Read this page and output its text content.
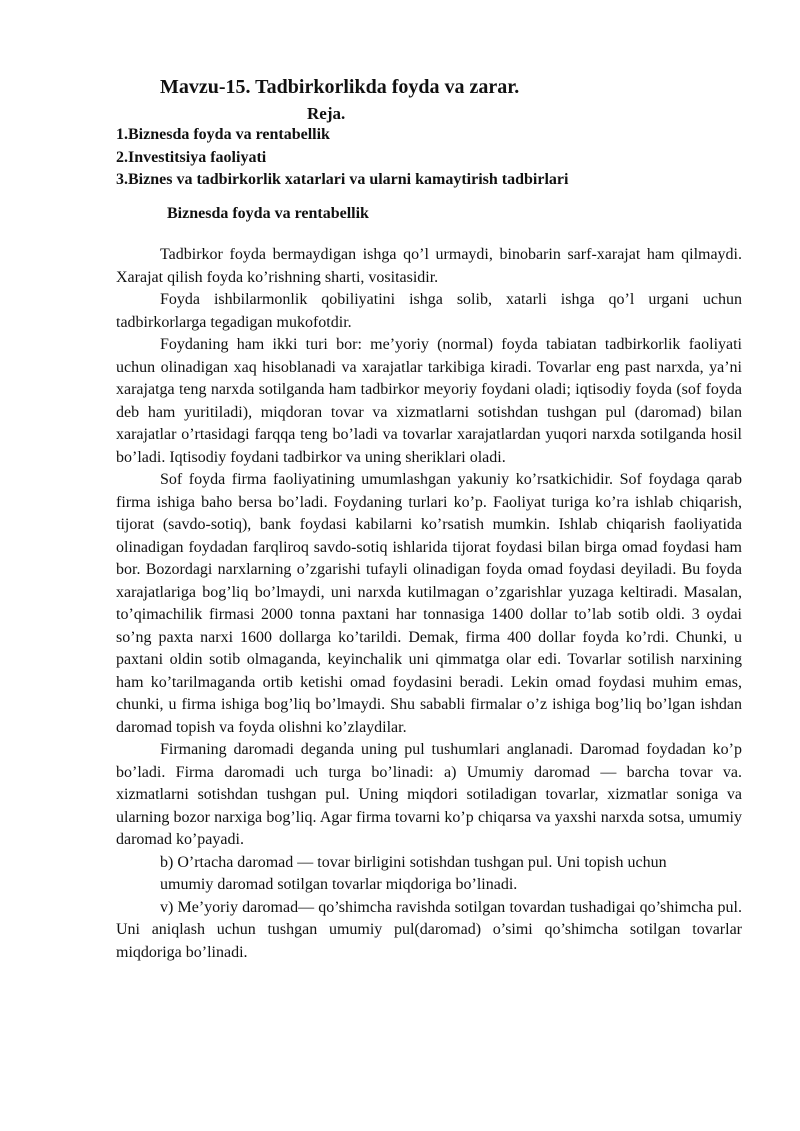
Mavzu-15. Tadbirkorlikda foyda va zarar.
Reja.
1.Biznesda foyda va rentabellik
2.Investitsiya faoliyati
3.Biznes va tadbirkorlik xatarlari va ularni kamaytirish tadbirlari
Biznesda foyda va rentabellik

Tadbirkor foyda bermaydigan ishga qo’l urmaydi, binobarin sarf-xarajat ham qilmaydi. Xarajat qilish foyda ko’rishning sharti, vositasidir.

Foyda ishbilarmonlik qobiliyatini ishga solib, xatarli ishga qo’l urgani uchun tadbirkorlarga tegadigan mukofotdir.

Foydaning ham ikki turi bor: me’yoriy (normal) foyda tabiatan tadbirkorlik faoliyati uchun olinadigan xaq hisoblanadi va xarajatlar tarkibiga kiradi. Tovarlar eng past narxda, ya’ni xarajatga teng narxda sotilganda ham tadbirkor meyoriy foydani oladi; iqtisodiy foyda (sof foyda deb ham yuritiladi), miqdoran tovar va xizmatlarni sotishdan tushgan pul (daromad) bilan xarajatlar o’rtasidagi farqqa teng bo’ladi va tovarlar xarajatlardan yuqori narxda sotilganda hosil bo’ladi. Iqtisodiy foydani tadbirkor va uning sheriklari oladi.

Sof foyda firma faoliyatining umumlashgan yakuniy ko’rsatkichidir. Sof foydaga qarab firma ishiga baho bersa bo’ladi. Foydaning turlari ko’p. Faoliyat turiga ko’ra ishlab chiqarish, tijorat (savdo-sotiq), bank foydasi kabilarni ko’rsatish mumkin. Ishlab chiqarish faoliyatida olinadigan foydadan farqliroq savdo-sotiq ishlarida tijorat foydasi bilan birga omad foydasi ham bor. Bozordagi narxlarning o’zgarishi tufayli olinadigan foyda omad foydasi deyiladi. Bu foyda xarajatlariga bog’liq bo’lmaydi, uni narxda kutilmagan o’zgarishlar yuzaga keltiradi. Masalan, to’qimachilik firmasi 2000 tonna paxtani har tonnasiga 1400 dollar to’lab sotib oldi. 3 oydai so’ng paxta narxi 1600 dollarga ko’tarildi. Demak, firma 400 dollar foyda ko’rdi. Chunki, u paxtani oldin sotib olmaganda, keyinchalik uni qimmatga olar edi. Tovarlar sotilish narxining ham ko’tarilmaganda ortib ketishi omad foydasini beradi. Lekin omad foydasi muhim emas, chunki, u firma ishiga bog’liq bo’lmaydi. Shu sababli firmalar o’z ishiga bog’liq bo’lgan ishdan daromad topish va foyda olishni ko’zlaydilar.

Firmaning daromadi deganda uning pul tushumlari anglanadi. Daromad foydadan ko’p bo’ladi. Firma daromadi uch turga bo’linadi: a) Umumiy daromad — barcha tovar va. xizmatlarni sotishdan tushgan pul. Uning miqdori sotiladigan tovarlar, xizmatlar soniga va ularning bozor narxiga bog’liq. Agar firma tovarni ko’p chiqarsa va yaxshi narxda sotsa, umumiy daromad ko’payadi.

b) O’rtacha daromad — tovar birligini sotishdan tushgan pul. Uni topish uchun

umumiy daromad sotilgan tovarlar miqdoriga bo’linadi.

v) Me’yoriy daromad— qo’shimcha ravishda sotilgan tovardan tushadigai qo’shimcha pul. Uni aniqlash uchun tushgan umumiy pul(daromad) o’simi qo’shimcha sotilgan tovarlar miqdoriga bo’linadi.
